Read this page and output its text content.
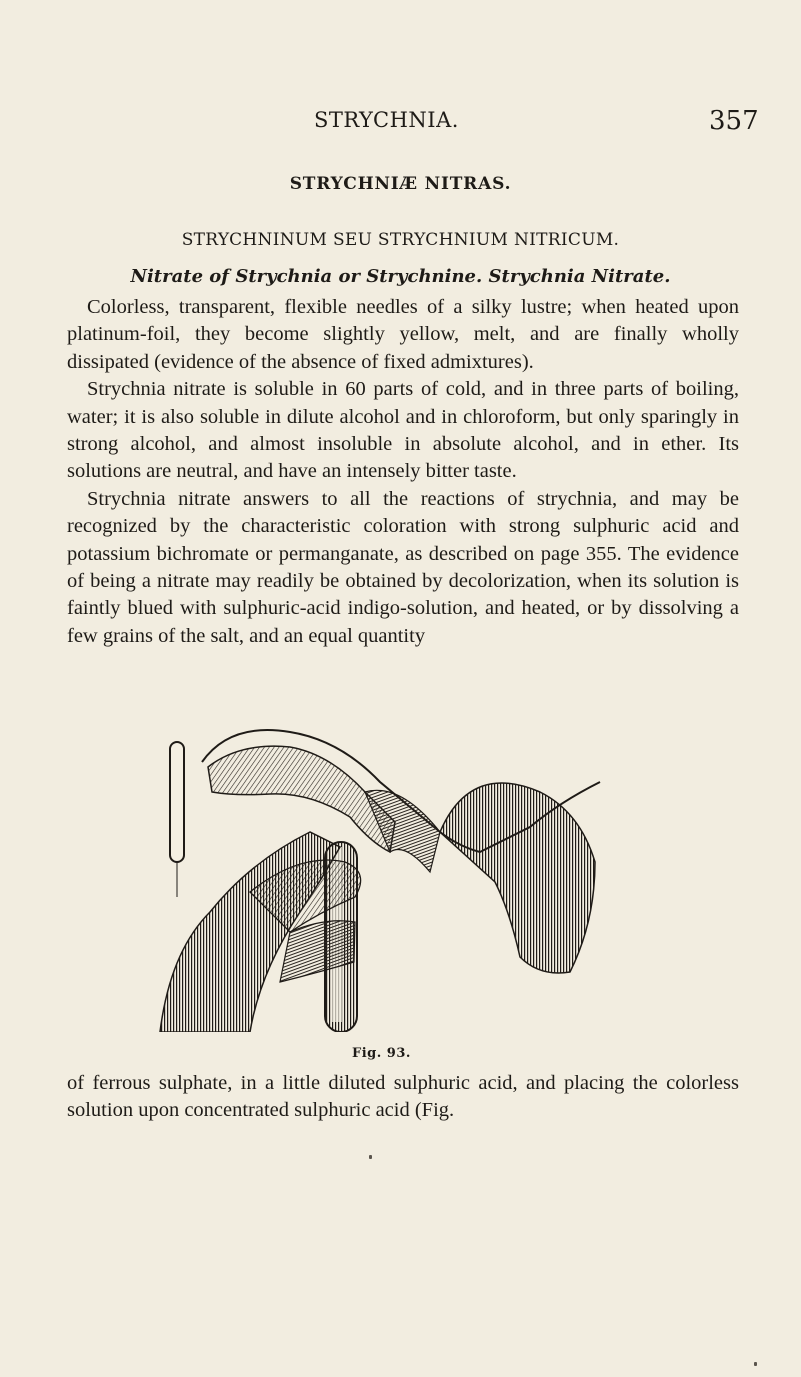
STRYCHNIA.	357
STRYCHNIÆ NITRAS.
STRYCHNINUM SEU STRYCHNIUM NITRICUM.
Nitrate of Strychnia or Strychnine. Strychnia Nitrate.

Colorless, transparent, flexible needles of a silky lustre; when heated upon platinum-foil, they become slightly yellow, melt, and are finally wholly dissipated (evidence of the absence of fixed admixtures).

Strychnia nitrate is soluble in 60 parts of cold, and in three parts of boiling, water; it is also soluble in dilute alcohol and in chloroform, but only sparingly in strong alcohol, and almost insoluble in absolute alcohol, and in ether. Its solutions are neutral, and have an intensely bitter taste.

Strychnia nitrate answers to all the reactions of strychnia, and may be recognized by the characteristic coloration with strong sulphuric acid and potassium bichromate or permanganate, as described on page 355. The evidence of being a nitrate may readily be obtained by decolorization, when its solution is faintly blued with sulphuric-acid indigo-solution, and heated, or by dissolving a few grains of the salt, and an equal quantity

Fig. 93.

of ferrous sulphate, in a little diluted sulphuric acid, and placing the colorless solution upon concentrated sulphuric acid (Fig.
